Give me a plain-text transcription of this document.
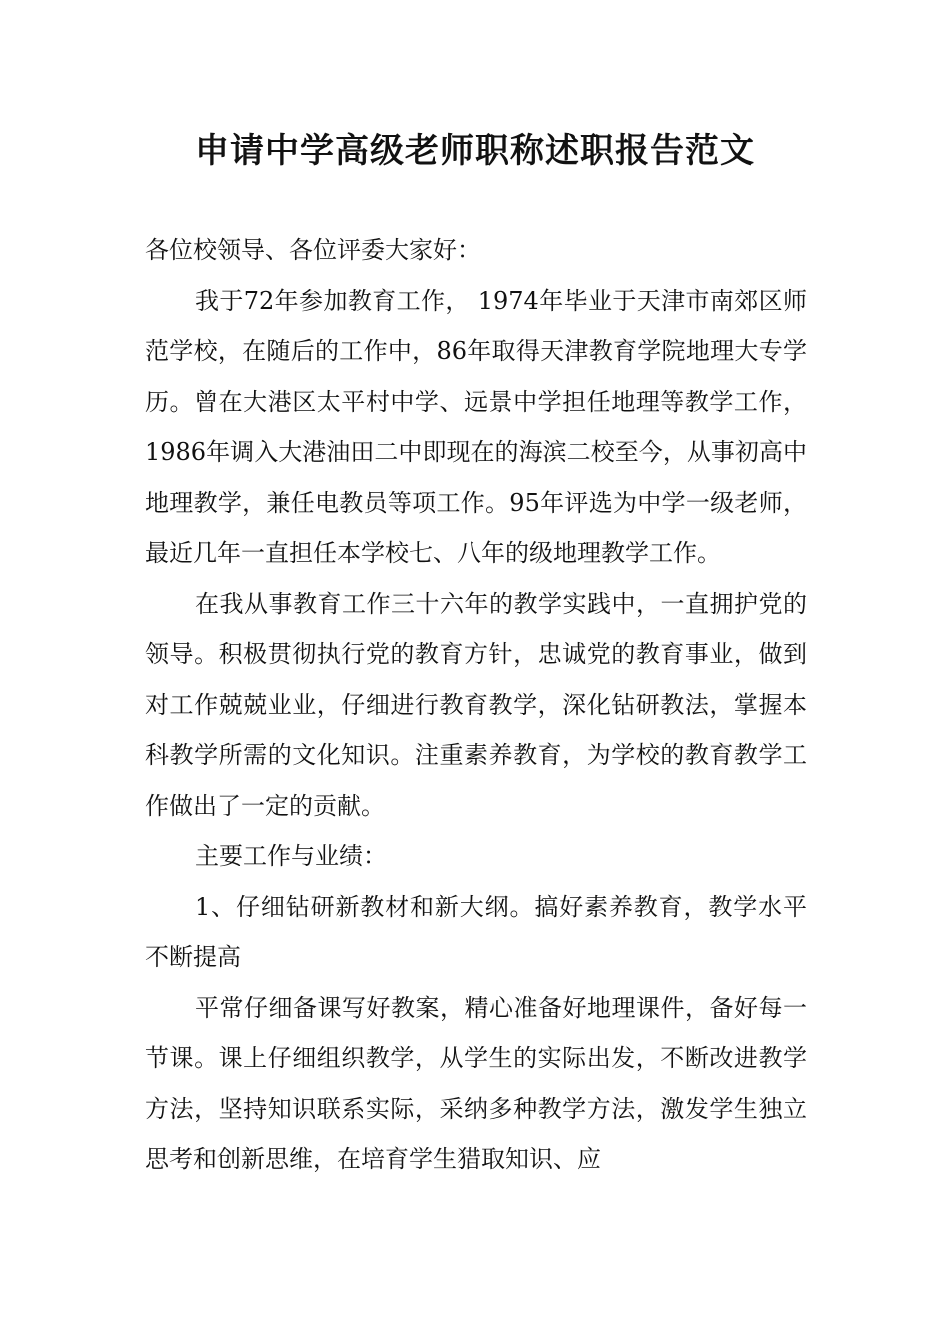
申请中学高级老师职称述职报告范文

各位校领导、各位评委大家好：

我于72年参加教育工作， 1974年毕业于天津市南郊区师范学校，在随后的工作中，86年取得天津教育学院地理大专学历。曾在大港区太平村中学、远景中学担任地理等教学工作，1986年调入大港油田二中即现在的海滨二校至今，从事初高中地理教学，兼任电教员等项工作。95年评选为中学一级老师，最近几年一直担任本学校七、八年的级地理教学工作。

在我从事教育工作三十六年的教学实践中，一直拥护党的领导。积极贯彻执行党的教育方针，忠诚党的教育事业，做到对工作兢兢业业，仔细进行教育教学，深化钻研教法，掌握本科教学所需的文化知识。注重素养教育，为学校的教育教学工作做出了一定的贡献。

主要工作与业绩：

1、仔细钻研新教材和新大纲。搞好素养教育，教学水平不断提高

平常仔细备课写好教案，精心准备好地理课件，备好每一节课。课上仔细组织教学，从学生的实际出发，不断改进教学方法，坚持知识联系实际，采纳多种教学方法，激发学生独立思考和创新思维，在培育学生猎取知识、应
